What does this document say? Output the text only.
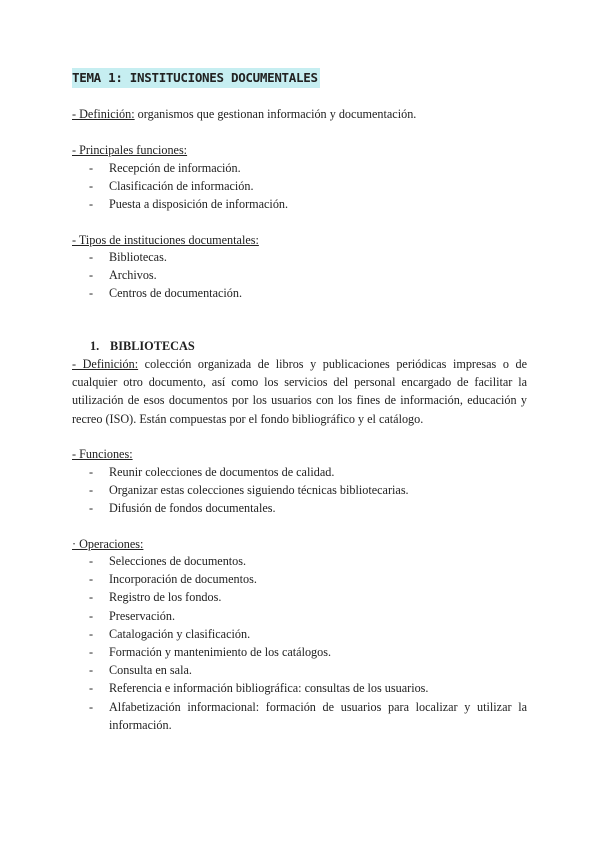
TEMA 1: INSTITUCIONES DOCUMENTALES
- Definición: organismos que gestionan información y documentación.
- Principales funciones:
- Recepción de información.
- Clasificación de información.
- Puesta a disposición de información.
- Tipos de instituciones documentales:
- Bibliotecas.
- Archivos.
- Centros de documentación.
1. BIBLIOTECAS
- Definición: colección organizada de libros y publicaciones periódicas impresas o de cualquier otro documento, así como los servicios del personal encargado de facilitar la utilización de esos documentos por los usuarios con los fines de información, educación y recreo (ISO). Están compuestas por el fondo bibliográfico y el catálogo.
- Funciones:
- Reunir colecciones de documentos de calidad.
- Organizar estas colecciones siguiendo técnicas bibliotecarias.
- Difusión de fondos documentales.
· Operaciones:
- Selecciones de documentos.
- Incorporación de documentos.
- Registro de los fondos.
- Preservación.
- Catalogación y clasificación.
- Formación y mantenimiento de los catálogos.
- Consulta en sala.
- Referencia e información bibliográfica: consultas de los usuarios.
- Alfabetización informacional: formación de usuarios para localizar y utilizar la información.
